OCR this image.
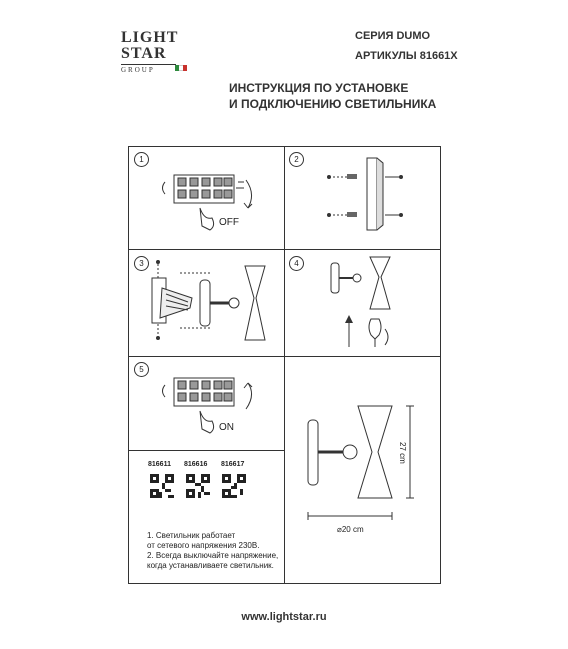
LIGHT
STAR
GROUP
СЕРИЯ DUMO
АРТИКУЛЫ 81661X
ИНСТРУКЦИЯ ПО УСТАНОВКЕ
И ПОДКЛЮЧЕНИЮ СВЕТИЛЬНИКА
1	2
3	4
5
OFF
ON
27 cm
⌀20 cm
816611 816616 816617
1. Светильник работает
от сетевого напряжения 230В.
2. Всегда выключайте напряжение,
когда устанавливаете светильник.
www.lightstar.ru
